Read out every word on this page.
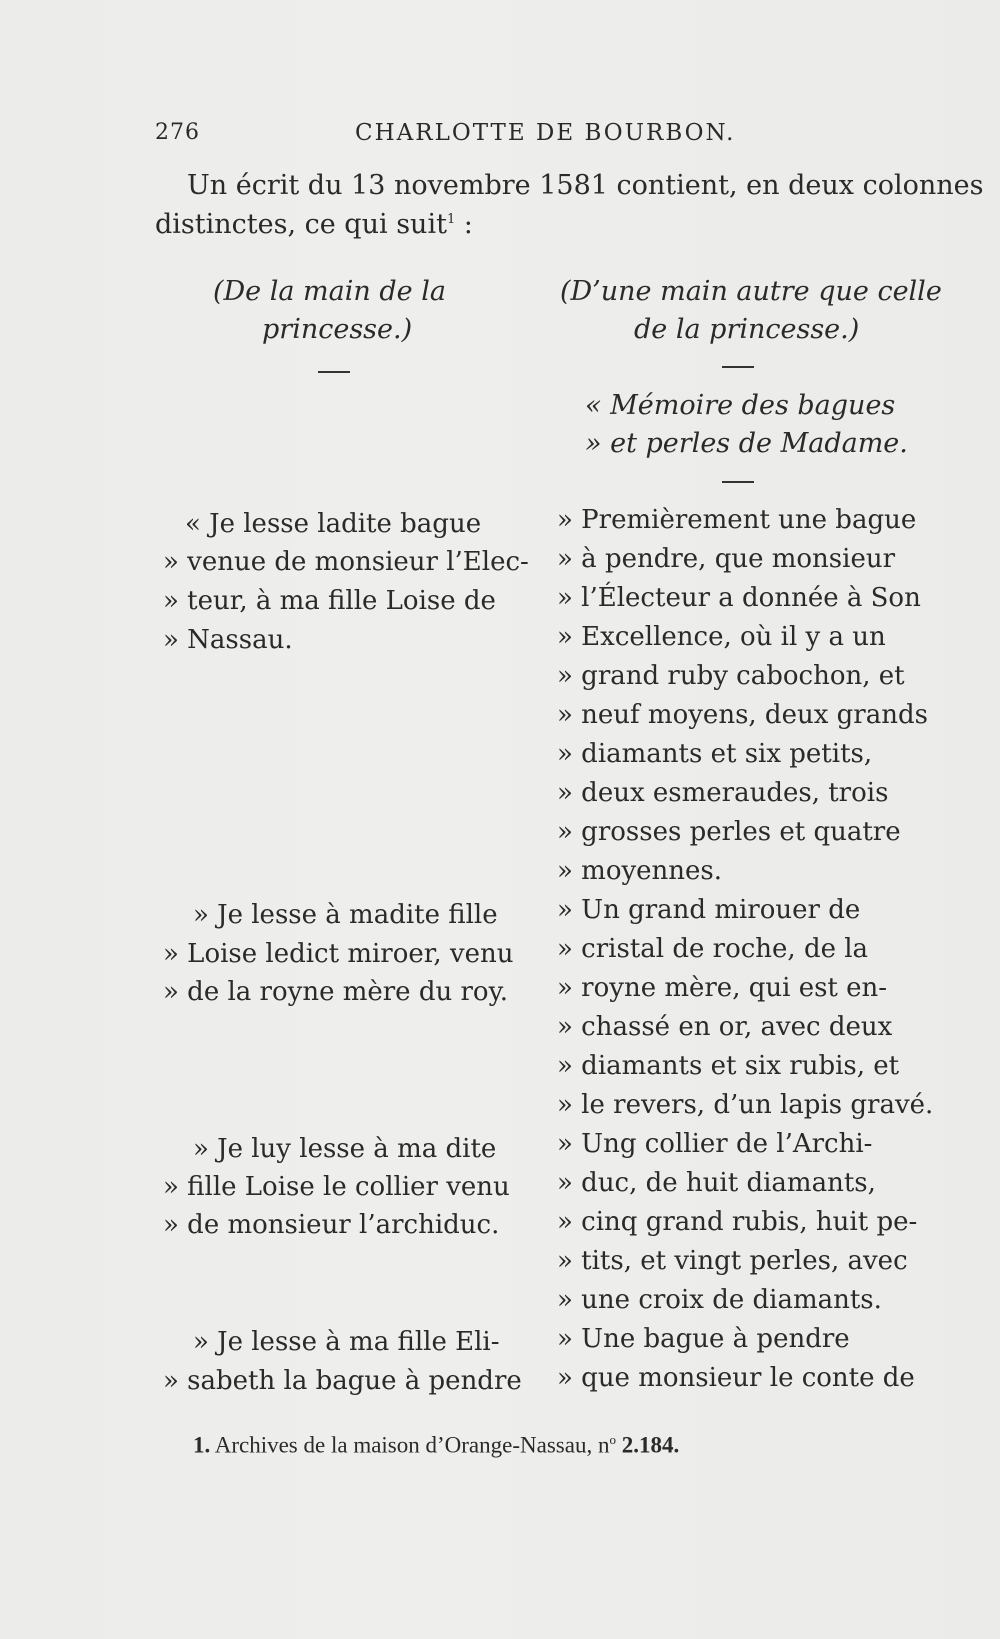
276	CHARLOTTE DE BOURBON.
Un écrit du 13 novembre 1581 contient, en deux colonnes
distinctes, ce qui suit$^1$ :
(De la main de la
princesse.)
(D’une main autre que celle
de la princesse.)
« Mémoire des bagues
» et perles de Madame.
« Je lesse ladite bague
» venue de monsieur l’Elec-
» teur, à ma fille Loise de
» Nassau.
» Je lesse à madite fille
» Loise ledict miroer, venu
» de la royne mère du roy.
» Je luy lesse à ma dite
» fille Loise le collier venu
» de monsieur l’archiduc.
» Je lesse à ma fille Eli-
» sabeth la bague à pendre
» Premièrement une bague
» à pendre, que monsieur
» l’Électeur a donnée à Son
» Excellence, où il y a un
» grand ruby cabochon, et
» neuf moyens, deux grands
» diamants et six petits,
» deux esmeraudes, trois
» grosses perles et quatre
» moyennes.
» Un grand mirouer de
» cristal de roche, de la
» royne mère, qui est en-
» chassé en or, avec deux
» diamants et six rubis, et
» le revers, d’un lapis gravé.
» Ung collier de l’Archi-
» duc, de huit diamants,
» cinq grand rubis, huit pe-
» tits, et vingt perles, avec
» une croix de diamants.
» Une bague à pendre
» que monsieur le conte de
1. Archives de la maison d’Orange-Nassau, $n^o$ 2.184.
